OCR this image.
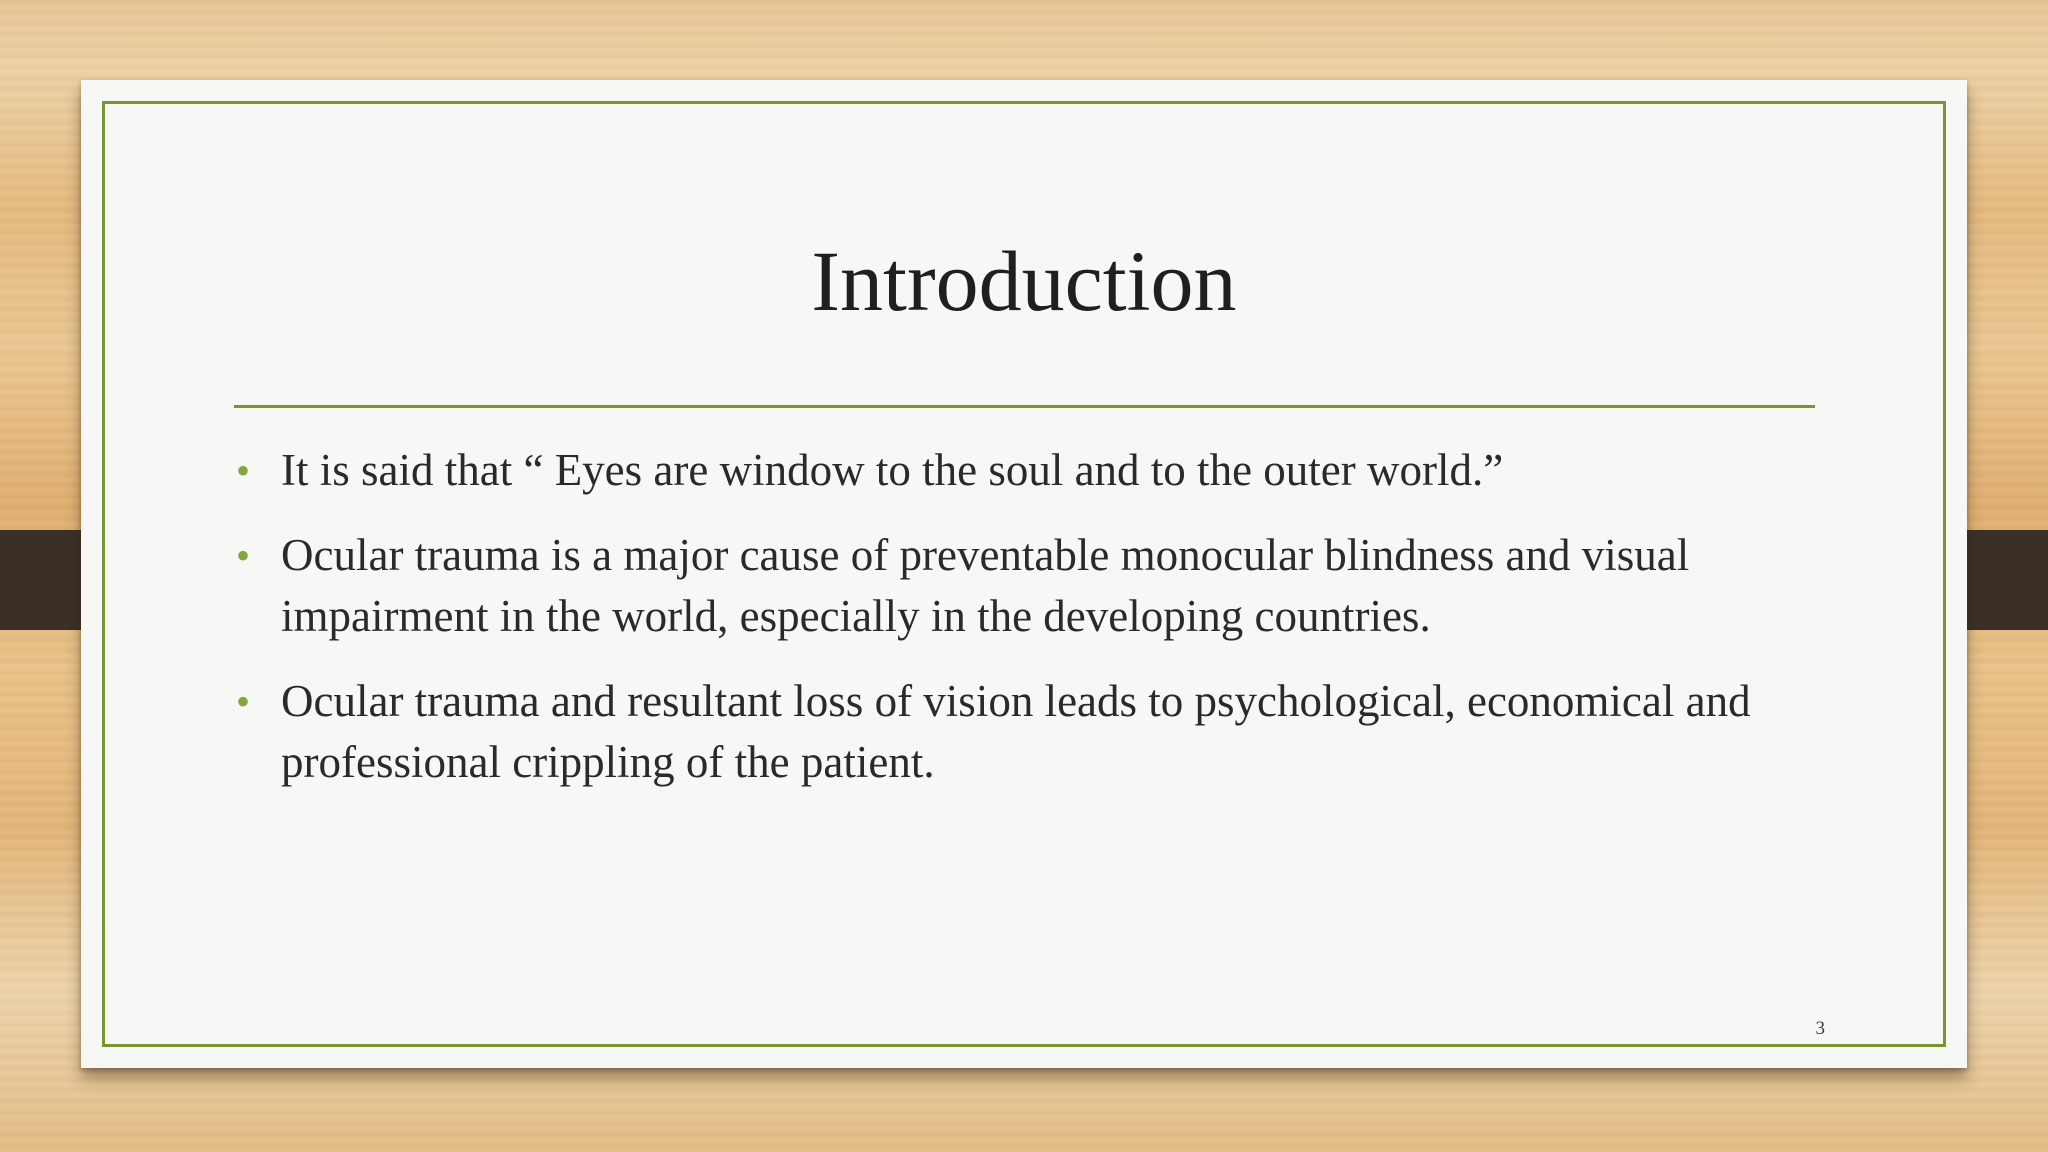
Introduction
• It is said that “ Eyes are window to the soul and to the outer world.”
• Ocular trauma is a major cause of preventable monocular blindness and visual impairment in the world, especially in the developing countries.
• Ocular trauma and resultant loss of vision leads to psychological, economical and professional crippling of the patient.
3
